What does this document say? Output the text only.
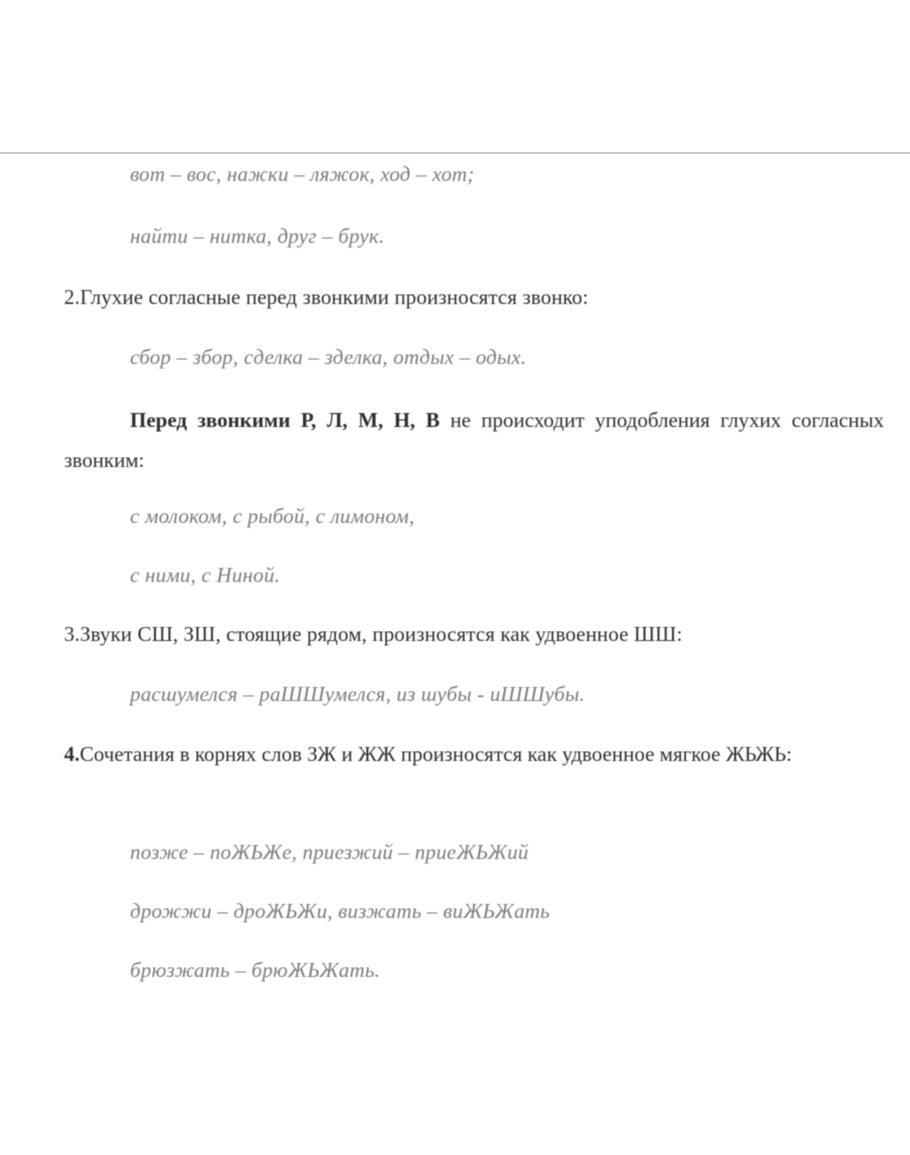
вот – вос, нажки – ляжок, ход – хот;
найти – нитка, друг – брук.
2.Глухие согласные перед звонкими произносятся звонко:
сбор – збор, сделка – зделка, отдых – одых.
Перед звонкими Р, Л, М, Н, В не происходит уподобления глухих согласных звонким:
с молоком, с рыбой, с лимоном,
с ними, с Ниной.
3.Звуки СШ, ЗШ, стоящие рядом, произносятся как удвоенное ШШ:
расшумелся – раШШумелся, из шубы - иШШубы.
4.Сочетания в корнях слов ЗЖ и ЖЖ произносятся как удвоенное мягкое ЖЬЖЬ:
позже – поЖЬЖе, приезжий – приеЖЬЖий
дрожжи – дроЖЬЖи, визжать – виЖЬЖать
брюзжать – брюЖЬЖать.
